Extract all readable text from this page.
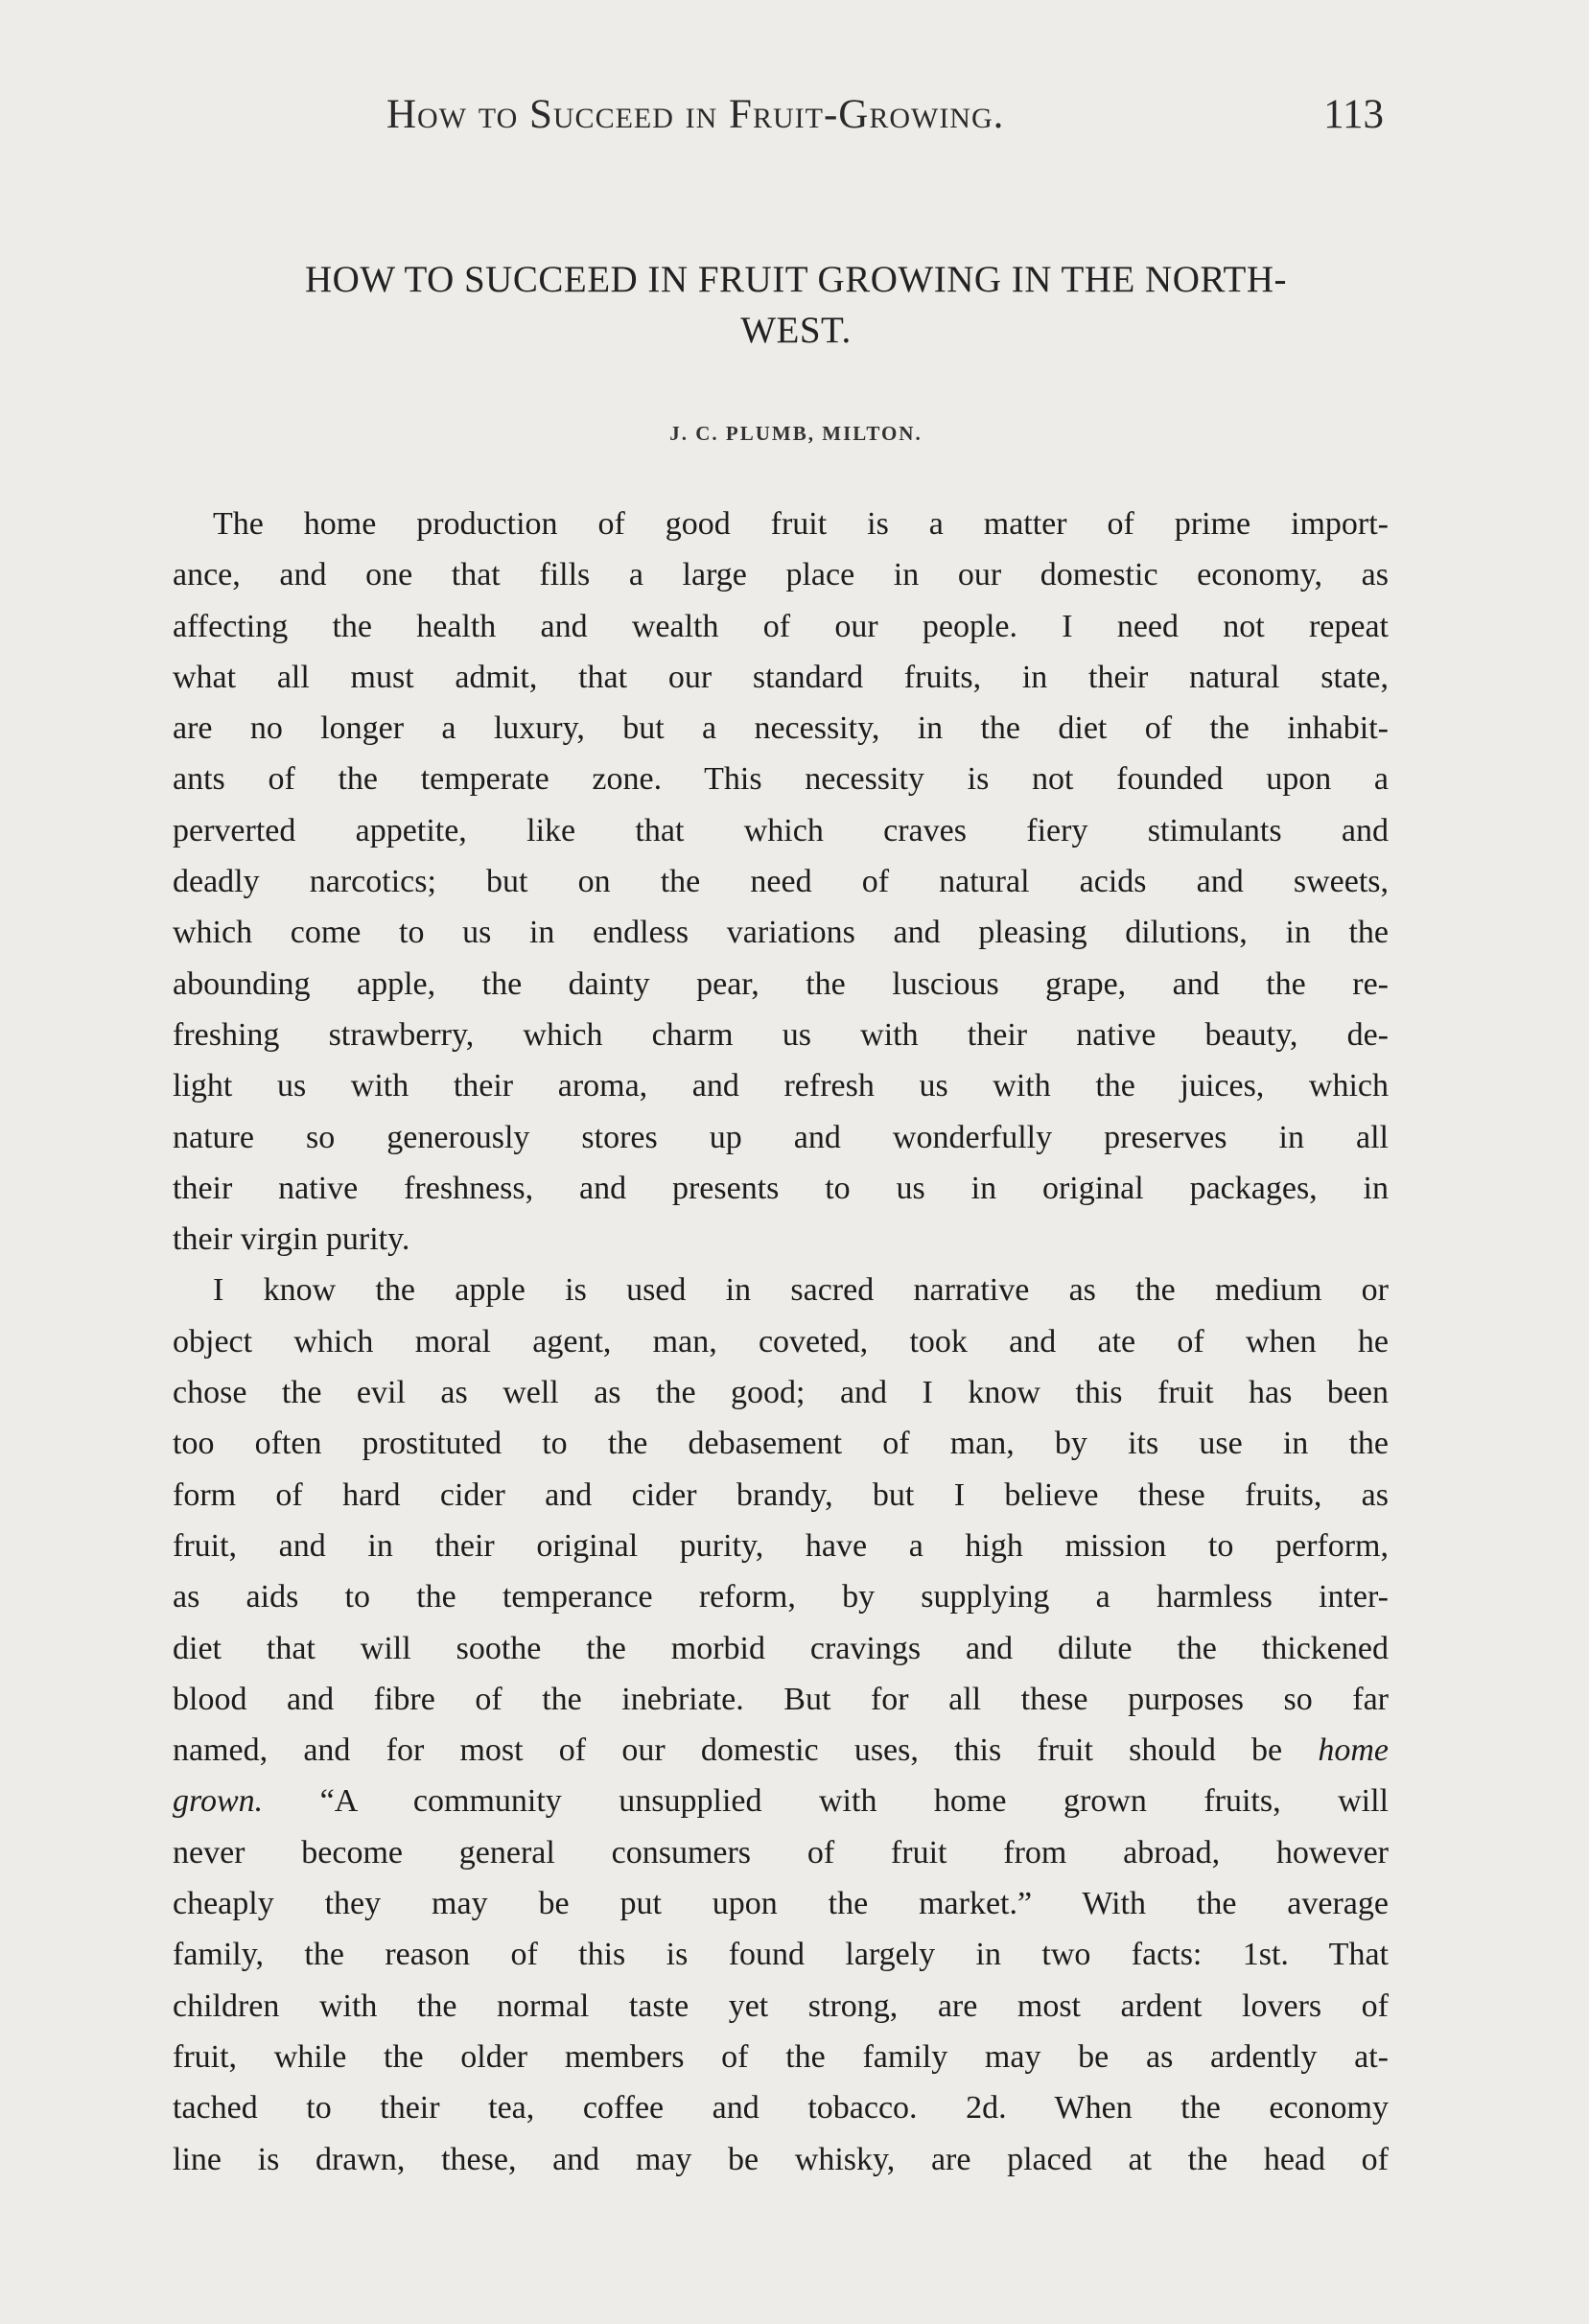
How to Succeed in Fruit-Growing.	113
HOW TO SUCCEED IN FRUIT GROWING IN THE NORTH-
WEST.
J. C. PLUMB, MILTON.
The home production of good fruit is a matter of prime import-
ance, and one that fills a large place in our domestic economy, as
affecting the health and wealth of our people. I need not repeat
what all must admit, that our standard fruits, in their natural state,
are no longer a luxury, but a necessity, in the diet of the inhabit-
ants of the temperate zone. This necessity is not founded upon a
perverted appetite, like that which craves fiery stimulants and
deadly narcotics; but on the need of natural acids and sweets,
which come to us in endless variations and pleasing dilutions, in the
abounding apple, the dainty pear, the luscious grape, and the re-
freshing strawberry, which charm us with their native beauty, de-
light us with their aroma, and refresh us with the juices, which
nature so generously stores up and wonderfully preserves in all
their native freshness, and presents to us in original packages, in
their virgin purity.
I know the apple is used in sacred narrative as the medium or
object which moral agent, man, coveted, took and ate of when he
chose the evil as well as the good; and I know this fruit has been
too often prostituted to the debasement of man, by its use in the
form of hard cider and cider brandy, but I believe these fruits, as
fruit, and in their original purity, have a high mission to perform,
as aids to the temperance reform, by supplying a harmless inter-
diet that will soothe the morbid cravings and dilute the thickened
blood and fibre of the inebriate. But for all these purposes so far
named, and for most of our domestic uses, this fruit should be home
grown. “A community unsupplied with home grown fruits, will
never become general consumers of fruit from abroad, however
cheaply they may be put upon the market.” With the average
family, the reason of this is found largely in two facts: 1st. That
children with the normal taste yet strong, are most ardent lovers of
fruit, while the older members of the family may be as ardently at-
tached to their tea, coffee and tobacco. 2d. When the economy
line is drawn, these, and may be whisky, are placed at the head of
